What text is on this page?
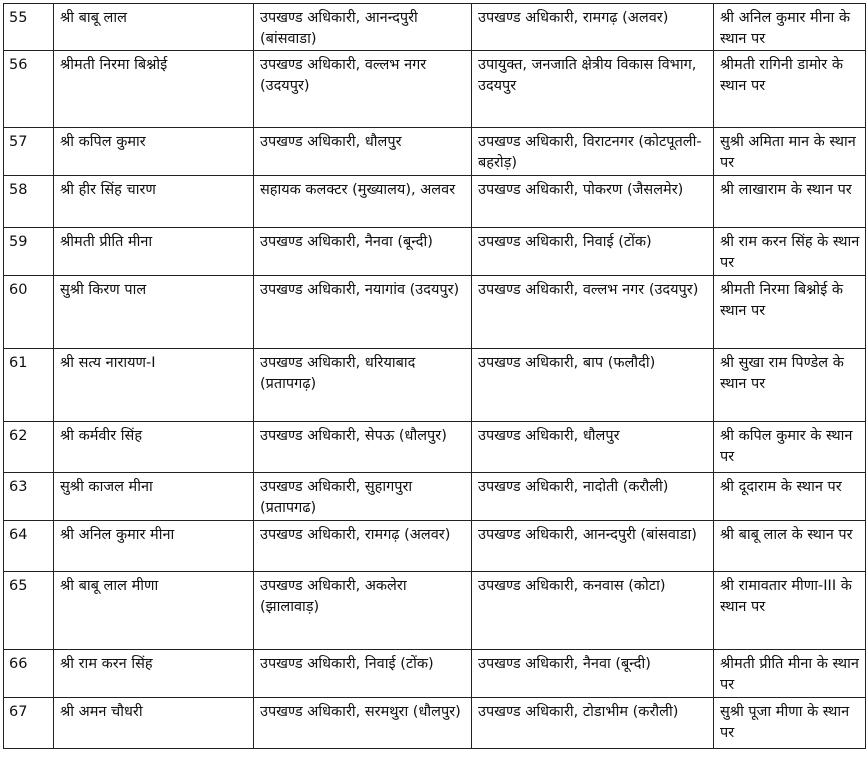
55	श्री बाबू लाल	उपखण्ड अधिकारी, आनन्दपुरी (बांसवाडा)	उपखण्ड अधिकारी, रामगढ़ (अलवर)	श्री अनिल कुमार मीना के स्थान पर
56	श्रीमती निरमा बिश्नोई	उपखण्ड अधिकारी, वल्लभ नगर (उदयपुर)	उपायुक्त, जनजाति क्षेत्रीय विकास विभाग, उदयपुर	श्रीमती रागिनी डामोर के स्थान पर
57	श्री कपिल कुमार	उपखण्ड अधिकारी, धौलपुर	उपखण्ड अधिकारी, विराटनगर (कोटपूतली-बहरोड़)	सुश्री अमिता मान के स्थान पर
58	श्री हीर सिंह चारण	सहायक कलक्टर (मुख्यालय), अलवर	उपखण्ड अधिकारी, पोकरण (जैसलमेर)	श्री लाखाराम के स्थान पर
59	श्रीमती प्रीति मीना	उपखण्ड अधिकारी, नैनवा (बून्दी)	उपखण्ड अधिकारी, निवाई (टोंक)	श्री राम करन सिंह के स्थान पर
60	सुश्री किरण पाल	उपखण्ड अधिकारी, नयागांव (उदयपुर)	उपखण्ड अधिकारी, वल्लभ नगर (उदयपुर)	श्रीमती निरमा बिश्नोई के स्थान पर
61	श्री सत्य नारायण-I	उपखण्ड अधिकारी, धरियाबाद (प्रतापगढ़)	उपखण्ड अधिकारी, बाप (फलौदी)	श्री सुखा राम पिण्डेल के स्थान पर
62	श्री कर्मवीर सिंह	उपखण्ड अधिकारी, सेपऊ (धौलपुर)	उपखण्ड अधिकारी, धौलपुर	श्री कपिल कुमार के स्थान पर
63	सुश्री काजल मीना	उपखण्ड अधिकारी, सुहागपुरा (प्रतापगढ)	उपखण्ड अधिकारी, नादोती (करौली)	श्री दूदाराम के स्थान पर
64	श्री अनिल कुमार मीना	उपखण्ड अधिकारी, रामगढ़ (अलवर)	उपखण्ड अधिकारी, आनन्दपुरी (बांसवाडा)	श्री बाबू लाल के स्थान पर
65	श्री बाबू लाल मीणा	उपखण्ड अधिकारी, अकलेरा (झालावाड़)	उपखण्ड अधिकारी, कनवास (कोटा)	श्री रामावतार मीणा-III के स्थान पर
66	श्री राम करन सिंह	उपखण्ड अधिकारी, निवाई (टोंक)	उपखण्ड अधिकारी, नैनवा (बून्दी)	श्रीमती प्रीति मीना के स्थान पर
67	श्री अमन चौधरी	उपखण्ड अधिकारी, सरमथुरा (धौलपुर)	उपखण्ड अधिकारी, टोडाभीम (करौली)	सुश्री पूजा मीणा के स्थान पर
